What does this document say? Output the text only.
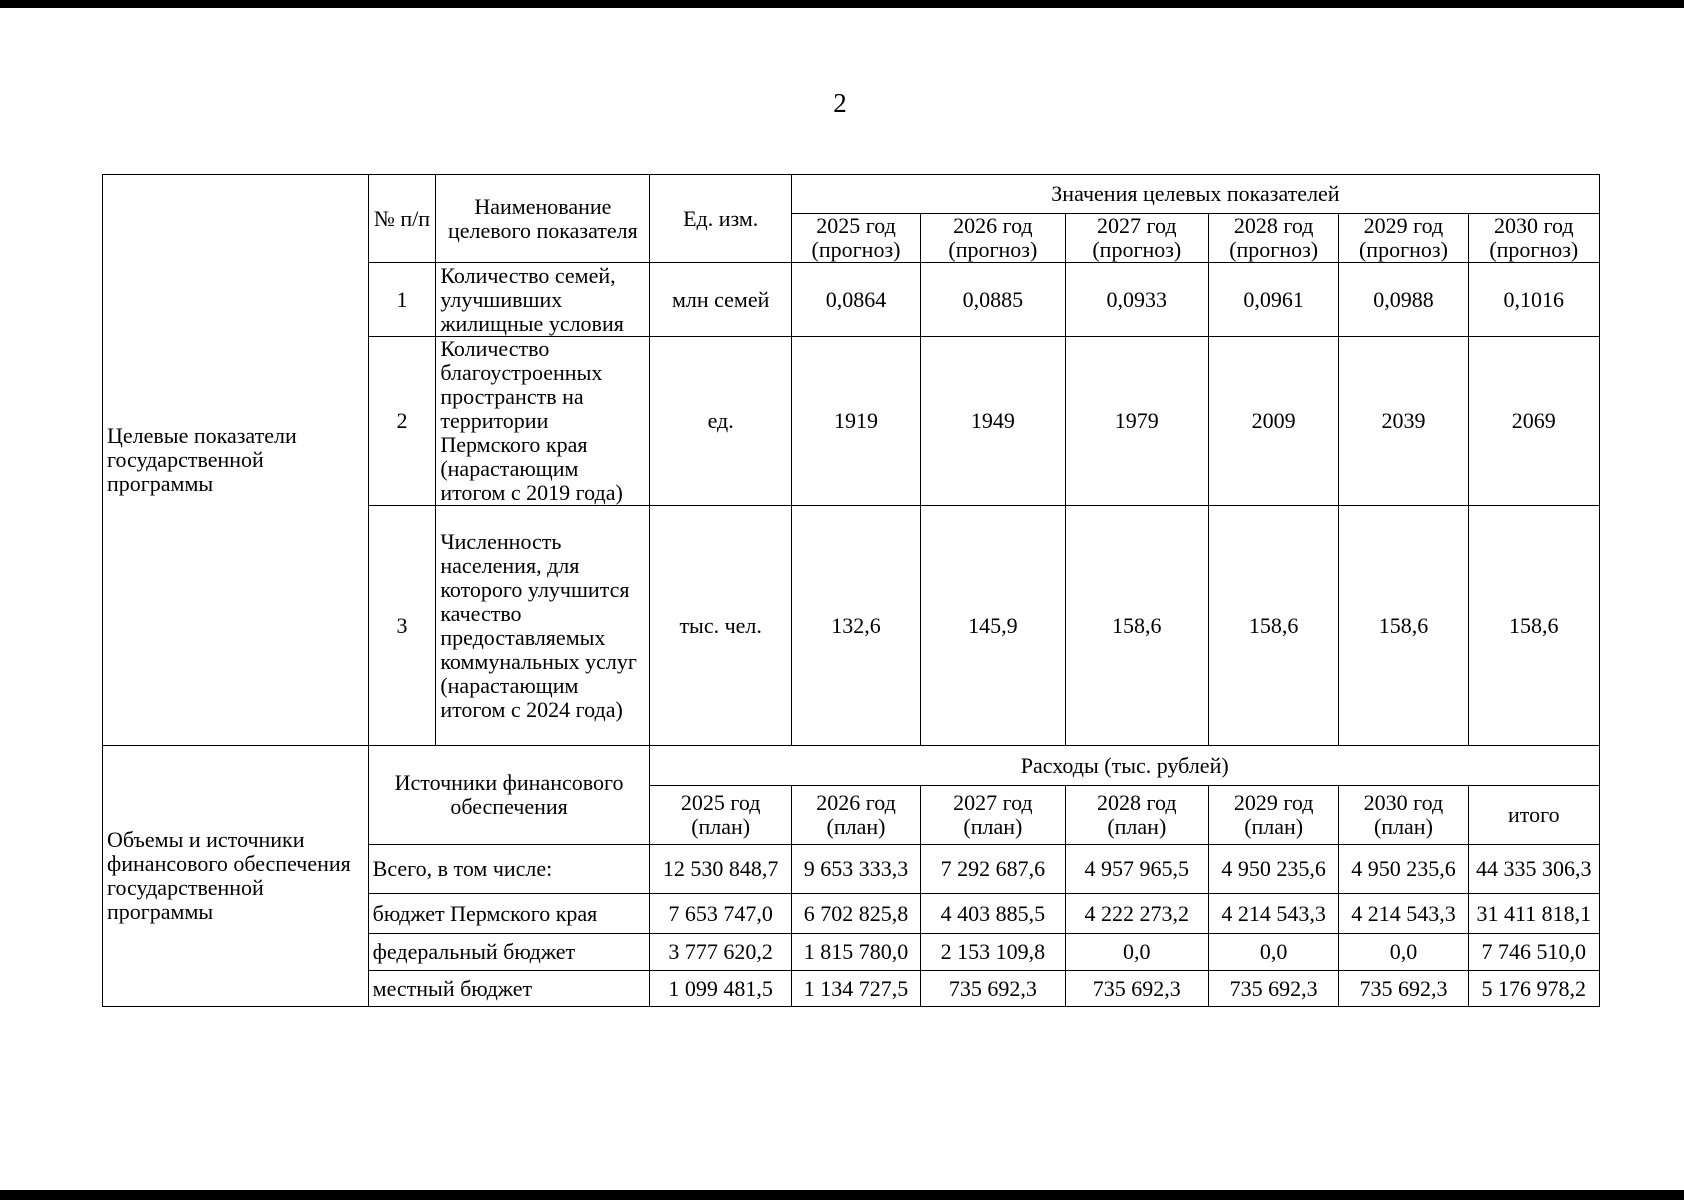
2
Целевые показатели государственной программы	№ п/п	Наименование целевого показателя	Ед. изм.	Значения целевых показателей					
				2025 год (прогноз)	2026 год (прогноз)	2027 год (прогноз)	2028 год (прогноз)	2029 год (прогноз)	2030 год (прогноз)
	1	Количество семей, улучшивших жилищные условия	млн семей	0,0864	0,0885	0,0933	0,0961	0,0988	0,1016
	2	Количество благоустроенных пространств на территории Пермского края (нарастающим итогом с 2019 года)	ед.	1919	1949	1979	2009	2039	2069
	3	Численность населения, для которого улучшится качество предоставляемых коммунальных услуг (нарастающим итогом с 2024 года)	тыс. чел.	132,6	145,9	158,6	158,6	158,6	158,6
Объемы и источники финансового обеспечения государственной программы	Источники финансового обеспечения		Расходы (тыс. рублей)						
			2025 год (план)	2026 год (план)	2027 год (план)	2028 год (план)	2029 год (план)	2030 год (план)	итого
	Всего, в том числе:		12 530 848,7	9 653 333,3	7 292 687,6	4 957 965,5	4 950 235,6	4 950 235,6	44 335 306,3
	бюджет Пермского края		7 653 747,0	6 702 825,8	4 403 885,5	4 222 273,2	4 214 543,3	4 214 543,3	31 411 818,1
	федеральный бюджет		3 777 620,2	1 815 780,0	2 153 109,8	0,0	0,0	0,0	7 746 510,0
	местный бюджет		1 099 481,5	1 134 727,5	735 692,3	735 692,3	735 692,3	735 692,3	5 176 978,2
